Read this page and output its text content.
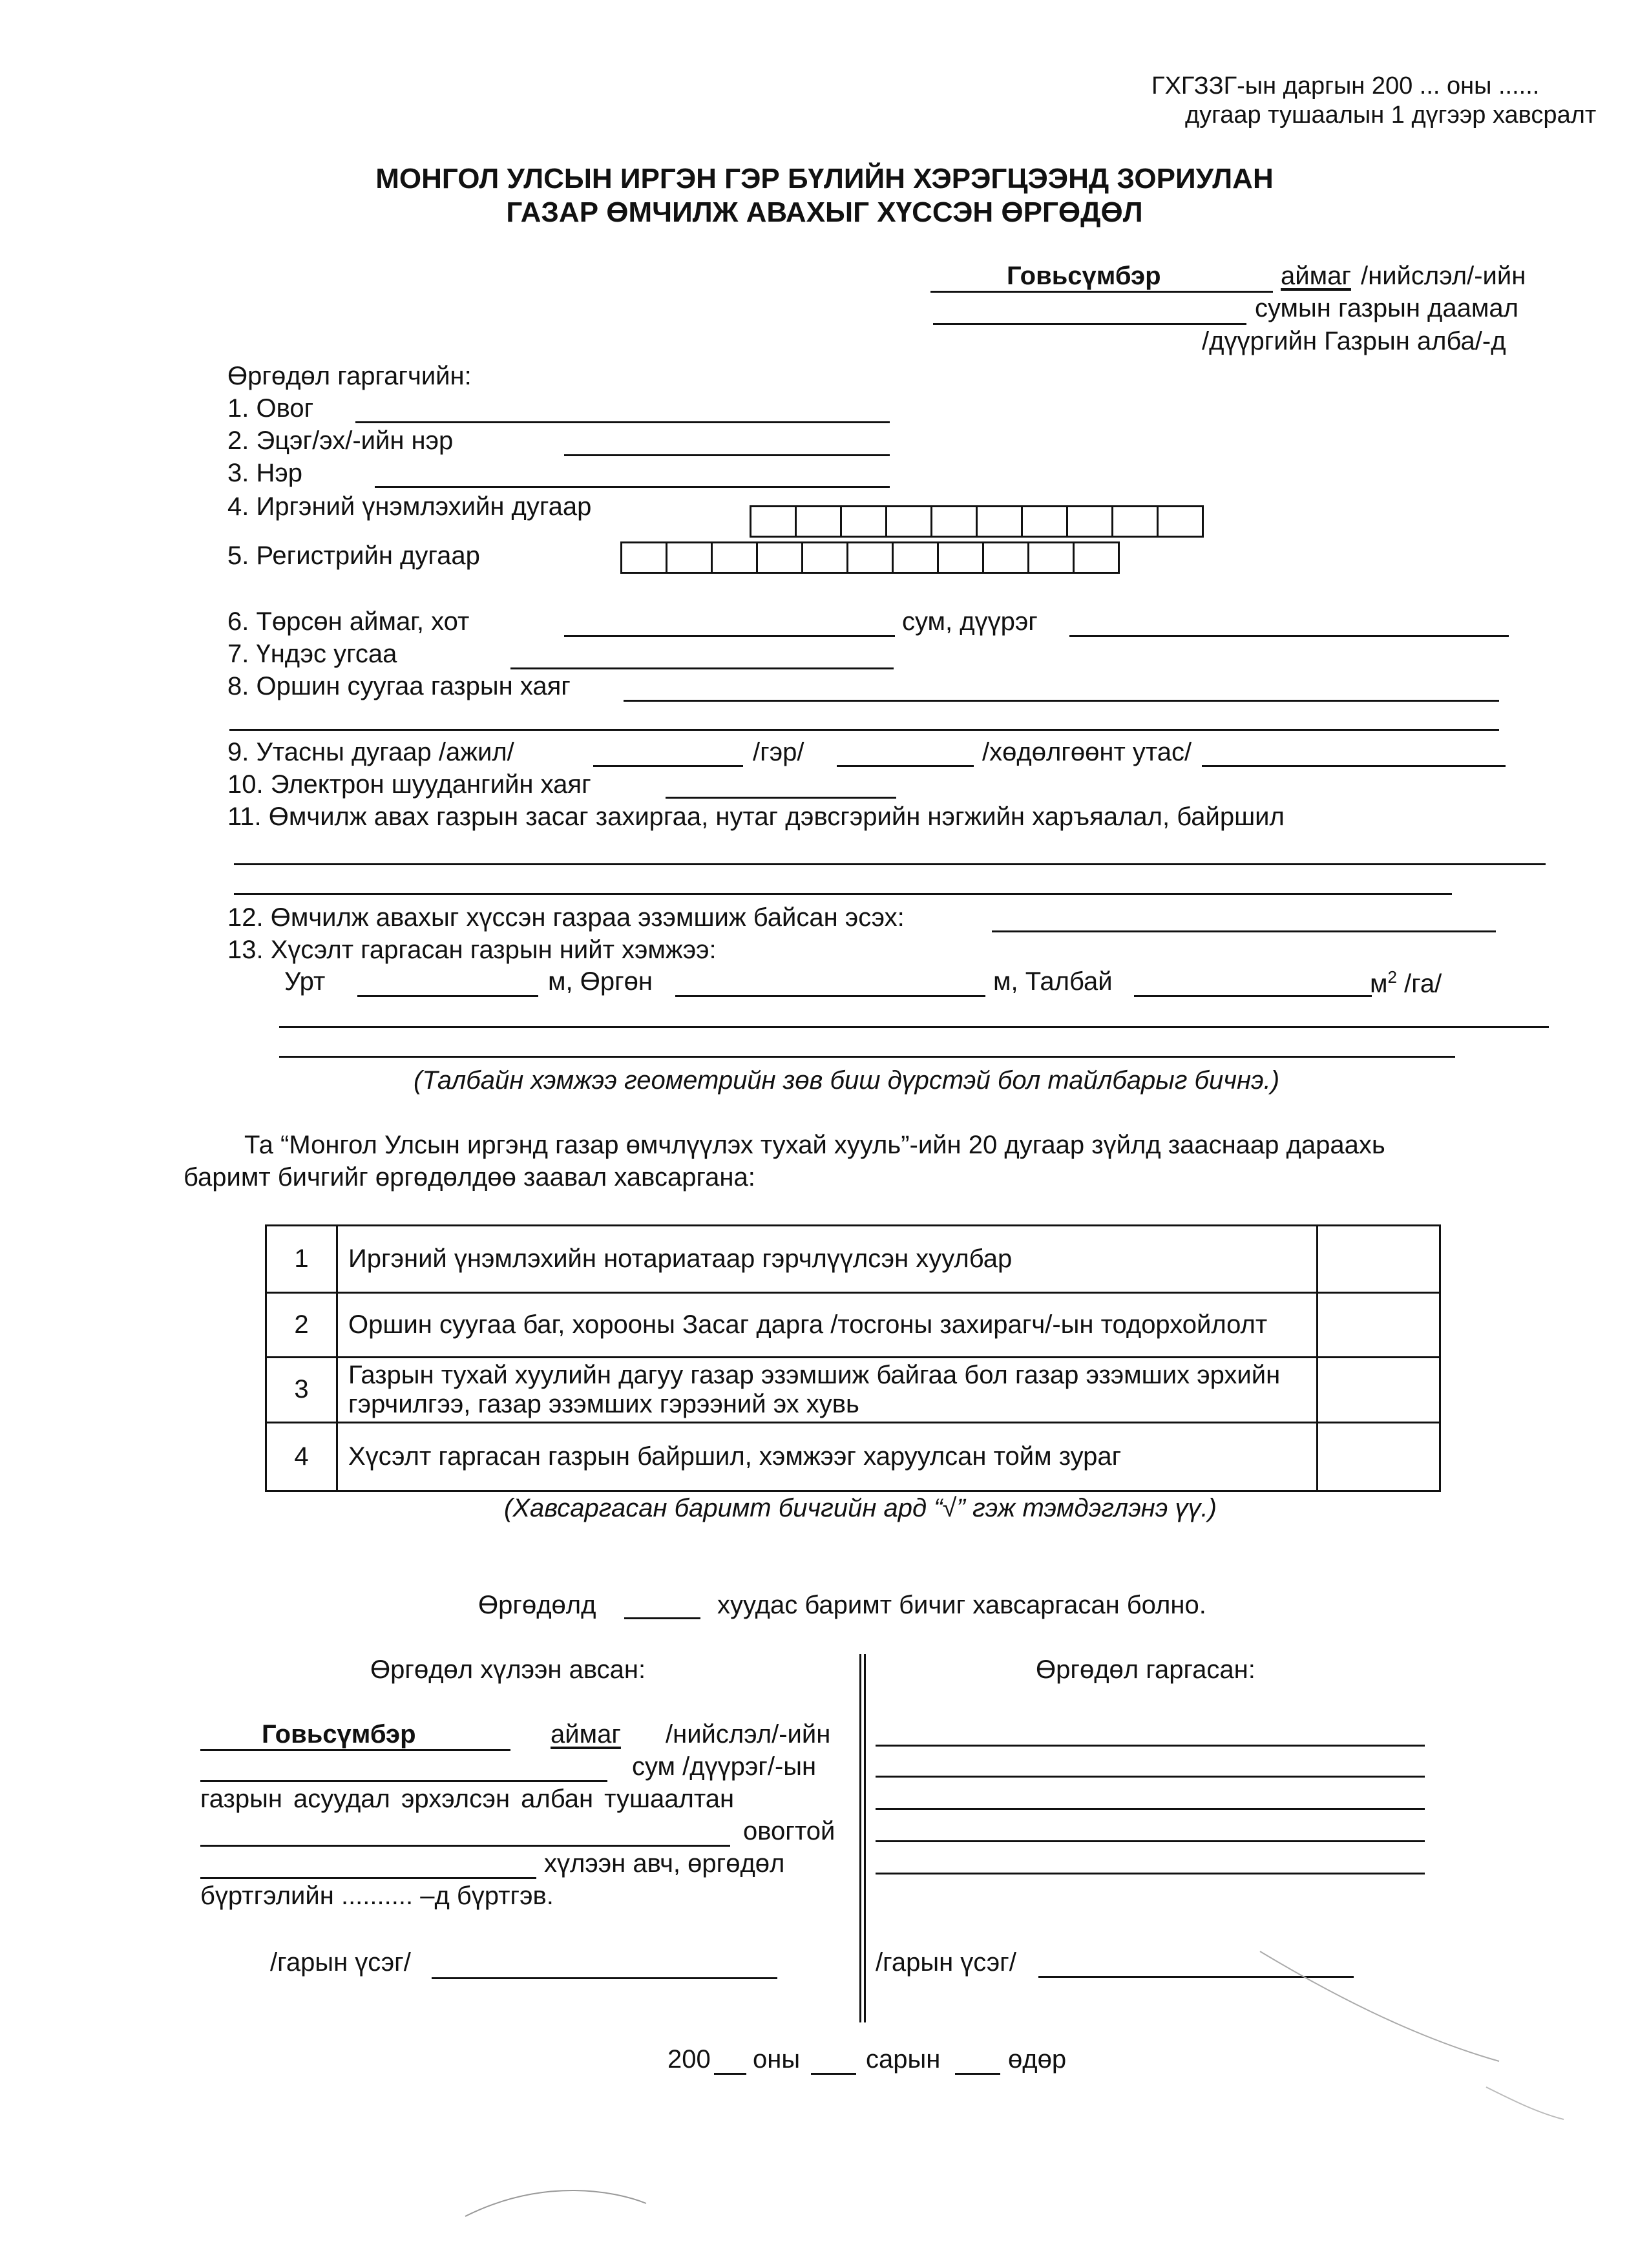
ГХГЗЗГ-ын даргын 200 ... оны ......
дугаар тушаалын 1 дүгээр хавсралт
МОНГОЛ УЛСЫН ИРГЭН ГЭР БҮЛИЙН ХЭРЭГЦЭЭНД ЗОРИУЛАН
ГАЗАР ӨМЧИЛЖ АВАХЫГ ХҮССЭН ӨРГӨДӨЛ
Говьсүмбэр	аймаг /нийслэл/-ийн
сумын газрын даамал
/дүүргийн Газрын алба/-д
Өргөдөл гаргагчийн:
1. Овог
2. Эцэг/эх/-ийн нэр
3. Нэр
4. Иргэний үнэмлэхийн дугаар
5. Регистрийн дугаар
6. Төрсөн аймаг, хот	сум, дүүрэг
7. Үндэс угсаа
8. Оршин суугаа газрын хаяг
9. Утасны дугаар /ажил/	/гэр/	/хөдөлгөөнт утас/
10. Электрон шуудангийн хаяг
11. Өмчилж авах газрын засаг захиргаа, нутаг дэвсгэрийн нэгжийн харъяалал, байршил
12. Өмчилж авахыг хүссэн газраа эзэмшиж байсан эсэх:
13. Хүсэлт гаргасан газрын нийт хэмжээ:
Урт	м, Өргөн	м, Талбай	$м^2$ /га/
(Талбайн хэмжээ геометрийн зөв биш дүрстэй бол тайлбарыг бичнэ.)
Та “Монгол Улсын иргэнд газар өмчлүүлэх тухай хууль”-ийн 20 дугаар зүйлд зааснаар дараахь
баримт бичгийг өргөдөлдөө заавал хавсаргана:
1	Иргэний үнэмлэхийн нотариатаар гэрчлүүлсэн хуулбар	
2	Оршин суугаа баг, хорооны Засаг дарга /тосгоны захирагч/-ын тодорхойлолт	
3	Газрын тухай хуулийн дагуу газар эзэмшиж байгаа бол газар эзэмших эрхийн гэрчилгээ, газар эзэмших гэрээний эх хувь	
4	Хүсэлт гаргасан газрын байршил, хэмжээг харуулсан тойм зураг	
(Хавсаргасан баримт бичгийн ард “√” гэж тэмдэглэнэ үү.)
Өргөдөлд	хуудас баримт бичиг хавсаргасан болно.
Өргөдөл хүлээн авсан:
Говьсүмбэр	аймаг /нийслэл/-ийн
сум /дүүрэг/-ын
газрын асуудал эрхэлсэн албан тушаалтан
овогтой
хүлээн авч, өргөдөл
бүртгэлийн .......... –д бүртгэв.
/гарын үсэг/
Өргөдөл гаргасан:
/гарын үсэг/
200 оны	сарын	өдөр
